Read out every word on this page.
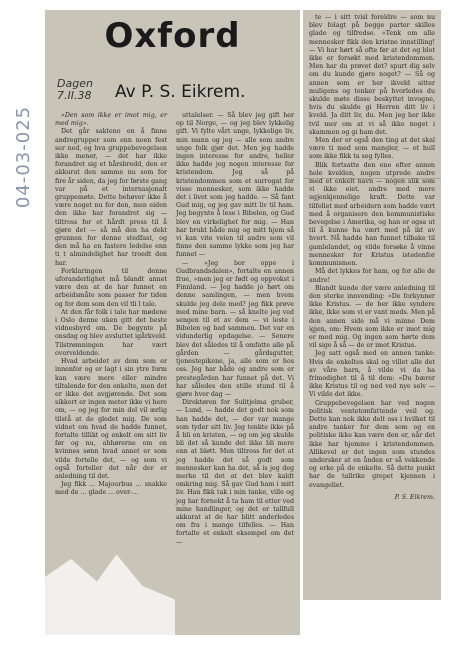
04-03-025
Oxford
Dagen
7.II.38 Av P. S. Eikrem.

»Den som ikke er imot mig, er med mig».

Det går sakteno en å finne andregrupper som enn noen fest ser ned, og hva gruppebevegelsen ikke mener, — det har ikke forandret sig et hårsbredd, den er akkurat den samme nu som for fire år siden, da jeg for første gang var på et internasjonalt gruppemøte. Dette behøver ikke å være noget nu for den, men eiden den ikke har forandret sig — tiltross for et hårdt press til å gjøre det — så må den ha dekt grunnen for denne stedfast, og den må ha en fastere ledelse enn ti t almindelighet har troedt den har.

Forklaringen til denne uforanderlighet må blandt annet være den at de har funnet en arbeidsmåte som passer for tiden og for dem som den vil tli l tale.

At den får folk i tale har mødene i Oslo denne uken gitt det beste vidnesbyrd om. De begynte på onsdag og blev avsluttet igårkveld. Tilstrømningen har vært overveldende.

Hvad arbeidet av dem som er innenfor og er lagt i sin ytre form kan være mere eller mindre tiltalende for den enkelte, men det er ikke det avgjørende. Det som sikkert er ingen meter ikke vi here om, — og jeg for min del vil ærlig tilstå at de gledet mig. De som vidnet om hvad de hadde funnet, fortalte tillikt og enkelt om sitt liv før og nu, ahhørerne om en kvinnes sønn hvad annet er som vilde fortelle det, — og som vi også forteller det når der er anledning til det.

Jeg fikk ... Majourbus ... snakke med de ... glade ... over-...

uttalelser. — Så blev jeg gift her op til Norge, — og jeg blev lykkelig gift. Vi fylte vårt unge, lykkelige liv, min mann og jeg — alle som andre unge folk gjør det. Men jeg hadde ingen interesse for andre, heller ikke hadde jeg nogen interesse for kristendom. Jeg så på kristendommen som et surrogat for visse mennesker, som ikke hadde det i livet som jeg hadde. — Så fant Gud mig, og jeg gav mitt liv til ham. Jeg begynte å lese i Bibelen, og Gud blev en virkelighet for mig. — Han har brukt både mig og mitt hjem så vi kan vite veien til andre som vil finne den samme lykke som jeg har funnet —

— »Jeg bor oppe i Gudbrandsdalen», fortalte en annen frue, »men jeg er født og oppvokst i Finnland. — Jeg hadde jo hørt om denne samlingen, — men hvem skulde jeg dele med? jeg fikk prøve med mine barn. — så knelte jeg ved sengen til et av dem — vi leste i Bibelen og bad sammen. Det var en vidunderlig opdagelse. — Senere blev det således til å omfatte alle på gården — gårdsgutter, tjenestepikene, ja, alle som er hos oss. Jeg har både og andre som er prestegården har funnet på det. Vi har således den stille stund til å gjøre hver dag —

Direktøren for Sulitjelma gruber, — Lund, — hadde det godt nok som han hadde det, — der var mange som tyder sitt liv. Jeg tenkte ikke på å bli en kristen, — og om jeg skulde bli det så kunde det ikke bli mere enn at bløtt. Men tiltross for det at jeg hadde det så godt som mennesker kan ha det, så is jeg deg merke til det at det blev kaldt omkring mig. Så gav Gud ham i mitt liv. Han fikk tak i min tanke, ville og jeg har fornekt å ta ham til etter ved mine handlinger, og det er tallfull akkurat at de har blitt anderledes om fra i mange tilfelles. — Han fortalte et enkelt eksempel om det —

te — i sitt tvisl foreldre — som nu blev folagt på begge parter skilles glade og tilfredse. »Tenk om alle mennesker fikk den kristne innstilling! — Vi har hørt så ofte før at det og blot ikke er forsøkt med kristendommen. Men har du prøvet det? spurt dig selv om du kunde gjøre noget? — Så og annen som er her ikveld sitter muligens og tenker på hvorledes du skulde møte disse beskyttet invogne, hvis du skulde gi Herren ditt liv i kveld. Ja ditt liv, du. Men jeg her ikke tvil mer om at vi så ikke noget i skammen og gi ham det.

Men der er også den ting at det skal være ti med som mangler, — et hull som ikke fikk ta seg fylles.

Blik fortsatte den ene efter annen hele kvelden, nogen utprede andre med et enkelt navn — nogen slik som vi ikke eiet. andre med mere ugjenkjennelige kraft. Dette var tilfellet med arbeidern som hadde vært med å organisere den kommunistiske bevegelse i Amerika, og han er ogsa ut til å kunne ha vært med på ikt av hvert. Nå hadde han funnet tilbake til gamlelandet, og vilde forsøke å vinne mennesker for Kristus istedenfor kommunismen.

Må det lykkes for ham, og for alle de andre!

Blandt kunde der være anledning til den sterke innvending: »De forkynner ikke Kristus. — de ber ikke syndere ikke, ikke som vi er vant meds. Men på den annen side må vi minne Dem igjen, om: Hvem som ikke er imot mig er med mig. Og ingen som hørte dem vil sige å så — de er imot Kristus.

Jeg satt også med en annen tanke: Hvis de enkeltes skal og villet alle det av våre barn, å vilde vi da ha frimodighet til å til dem: »Du bærer ikke Kristus til og ned ved nye selv — Vi vilde det ikke.

Gruppebevegelsen har ved nogen politisk ventetomfattende veil og. Dette kan nok ikke delt oss i hvilket til andre tanker for dem som og en politiske ikke kan være den er, når det ikke har hjemme i kristendommen. Allikevel er det ingen som stundes undersker at en ånden er så vekkende og erke på de enkelte. Så dette punkt har de tallrike grepet kjennen i evangeliet.

P. S. Eikrem.
